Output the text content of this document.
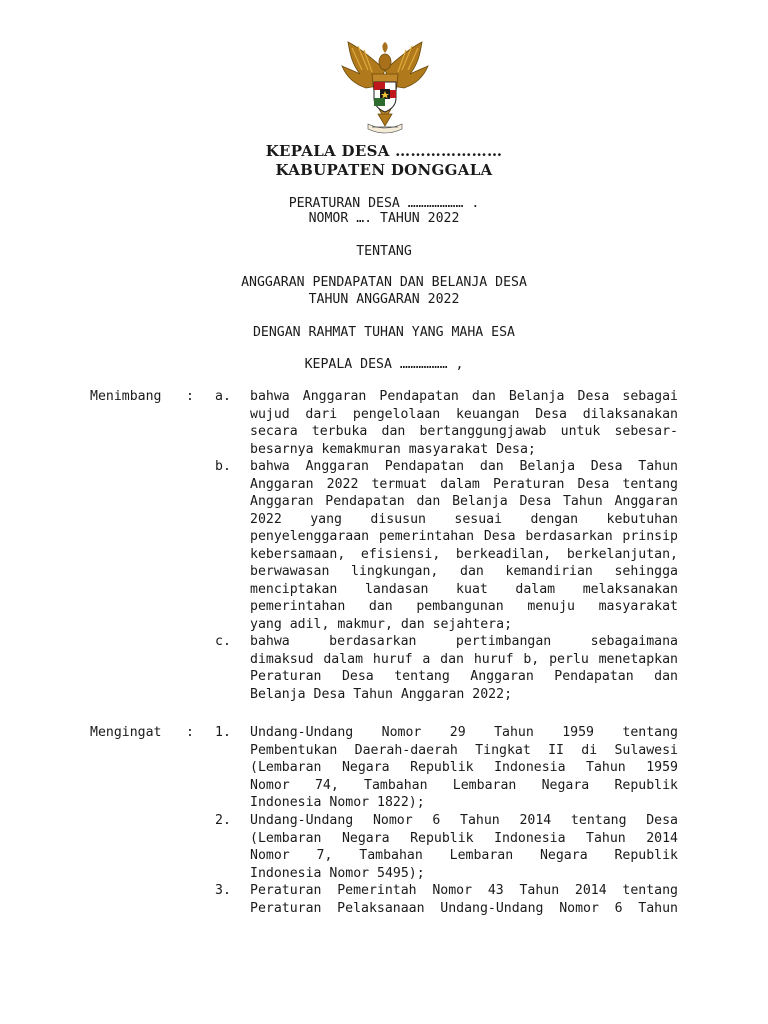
KEPALA DESA …………………
KABUPATEN DONGGALA
PERATURAN DESA ………………… .
NOMOR …. TAHUN 2022
TENTANG
ANGGARAN PENDAPATAN DAN BELANJA DESA
TAHUN ANGGARAN 2022
DENGAN RAHMAT TUHAN YANG MAHA ESA
KEPALA DESA ……………… ,
Menimbang : a. bahwa Anggaran Pendapatan dan Belanja Desa sebagai
wujud dari pengelolaan keuangan Desa dilaksanakan
secara terbuka dan bertanggungjawab untuk sebesar-
besarnya kemakmuran masyarakat Desa;
b. bahwa Anggaran Pendapatan dan Belanja Desa Tahun
Anggaran 2022 termuat dalam Peraturan Desa tentang
Anggaran Pendapatan dan Belanja Desa Tahun Anggaran
2022 yang disusun sesuai dengan kebutuhan
penyelenggaraan pemerintahan Desa berdasarkan prinsip
kebersamaan, efisiensi, berkeadilan, berkelanjutan,
berwawasan lingkungan, dan kemandirian sehingga
menciptakan landasan kuat dalam melaksanakan
pemerintahan dan pembangunan menuju masyarakat
yang adil, makmur, dan sejahtera;
c. bahwa berdasarkan pertimbangan sebagaimana
dimaksud dalam huruf a dan huruf b, perlu menetapkan
Peraturan Desa tentang Anggaran Pendapatan dan
Belanja Desa Tahun Anggaran 2022;
Mengingat : 1. Undang-Undang Nomor 29 Tahun 1959 tentang
Pembentukan Daerah-daerah Tingkat II di Sulawesi
(Lembaran Negara Republik Indonesia Tahun 1959
Nomor 74, Tambahan Lembaran Negara Republik
Indonesia Nomor 1822);
2. Undang-Undang Nomor 6 Tahun 2014 tentang Desa
(Lembaran Negara Republik Indonesia Tahun 2014
Nomor 7, Tambahan Lembaran Negara Republik
Indonesia Nomor 5495);
3. Peraturan Pemerintah Nomor 43 Tahun 2014 tentang
Peraturan Pelaksanaan Undang-Undang Nomor 6 Tahun
